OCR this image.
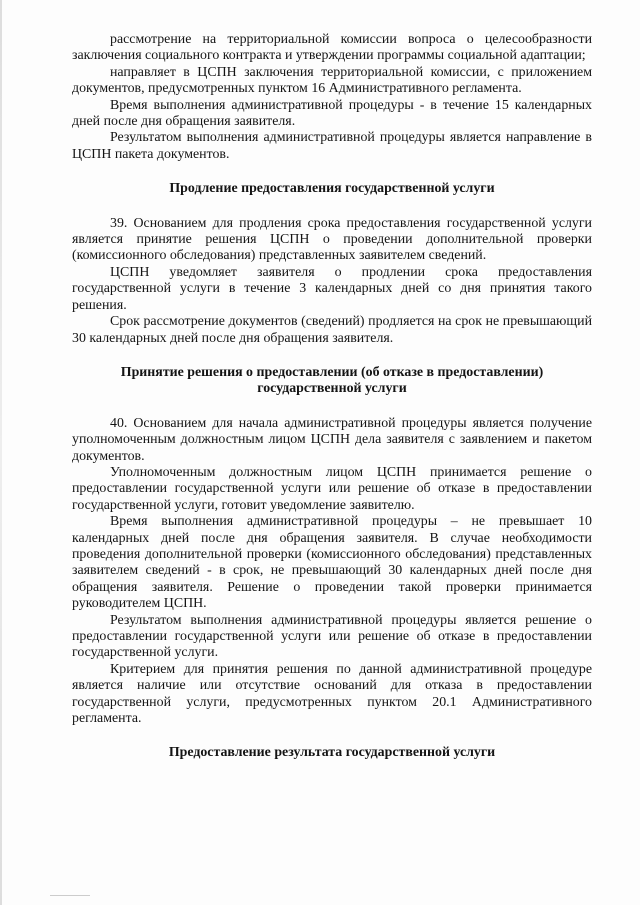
рассмотрение на территориальной комиссии вопроса о целесообразности заключения социального контракта и утверждении программы социальной адаптации;

направляет в ЦСПН заключения территориальной комиссии, с приложением документов, предусмотренных пунктом 16 Административного регламента.

Время выполнения административной процедуры - в течение 15 календарных дней после дня обращения заявителя.

Результатом выполнения административной процедуры является направление в ЦСПН пакета документов.

Продление предоставления государственной услуги

39. Основанием для продления срока предоставления государственной услуги является принятие решения ЦСПН о проведении дополнительной проверки (комиссионного обследования) представленных заявителем сведений.

ЦСПН уведомляет заявителя о продлении срока предоставления государственной услуги в течение 3 календарных дней со дня принятия такого решения.

Срок рассмотрение документов (сведений) продляется на срок не превышающий 30 календарных дней после дня обращения заявителя.

Принятие решения о предоставлении (об отказе в предоставлении)
государственной услуги

40. Основанием для начала административной процедуры является получение уполномоченным должностным лицом ЦСПН дела заявителя с заявлением и пакетом документов.

Уполномоченным должностным лицом ЦСПН принимается решение о предоставлении государственной услуги или решение об отказе в предоставлении государственной услуги, готовит уведомление заявителю.

Время выполнения административной процедуры – не превышает 10 календарных дней после дня обращения заявителя. В случае необходимости проведения дополнительной проверки (комиссионного обследования) представленных заявителем сведений - в срок, не превышающий 30 календарных дней после дня обращения заявителя. Решение о проведении такой проверки принимается руководителем ЦСПН.

Результатом выполнения административной процедуры является решение о предоставлении государственной услуги или решение об отказе в предоставлении государственной услуги.

Критерием для принятия решения по данной административной процедуре является наличие или отсутствие оснований для отказа в предоставлении государственной услуги, предусмотренных пунктом 20.1 Административного регламента.

Предоставление результата государственной услуги
